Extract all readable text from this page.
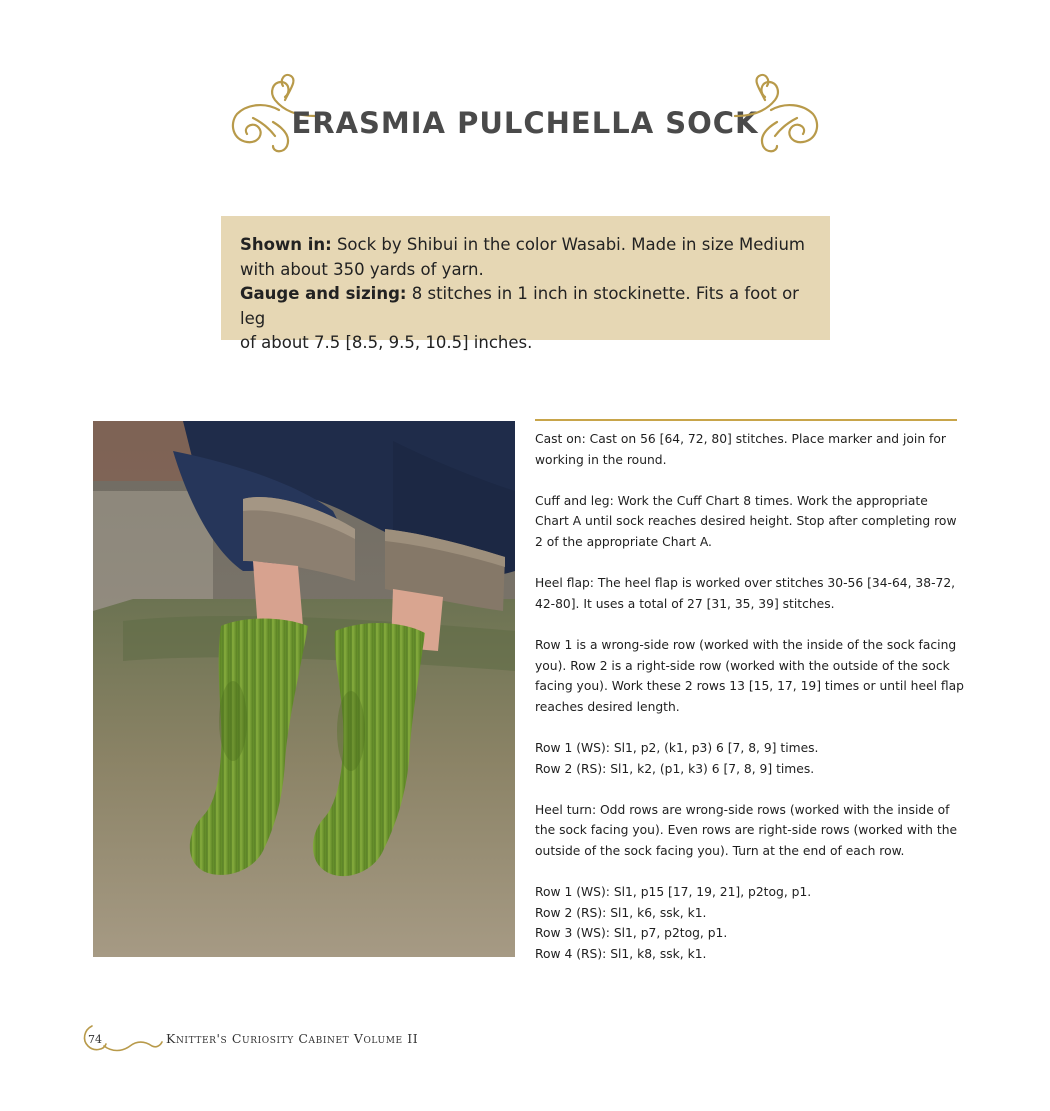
ERASMIA PULCHELLA SOCK
Shown in: Sock by Shibui in the color Wasabi. Made in size Medium
with about 350 yards of yarn.
Gauge and sizing: 8 stitches in 1 inch in stockinette. Fits a foot or leg
of about 7.5 [8.5, 9.5, 10.5] inches.
Cast on: Cast on 56 [64, 72, 80] stitches. Place marker and join for
working in the round.
Cuff and leg: Work the Cuff Chart 8 times. Work the appropriate
Chart A until sock reaches desired height. Stop after completing row
2 of the appropriate Chart A.
Heel flap: The heel flap is worked over stitches 30-56 [34-64, 38-72,
42-80]. It uses a total of 27 [31, 35, 39] stitches.
Row 1 is a wrong-side row (worked with the inside of the sock facing
you). Row 2 is a right-side row (worked with the outside of the sock
facing you). Work these 2 rows 13 [15, 17, 19] times or until heel flap
reaches desired length.
Row 1 (WS): Sl1, p2, (k1, p3) 6 [7, 8, 9] times.
Row 2 (RS): Sl1, k2, (p1, k3) 6 [7, 8, 9] times.
Heel turn: Odd rows are wrong-side rows (worked with the inside of
the sock facing you). Even rows are right-side rows (worked with the
outside of the sock facing you). Turn at the end of each row.
Row 1 (WS): Sl1, p15 [17, 19, 21], p2tog, p1.
Row 2 (RS): Sl1, k6, ssk, k1.
Row 3 (WS): Sl1, p7, p2tog, p1.
Row 4 (RS): Sl1, k8, ssk, k1.
74	Knitter's Curiosity Cabinet Volume II
